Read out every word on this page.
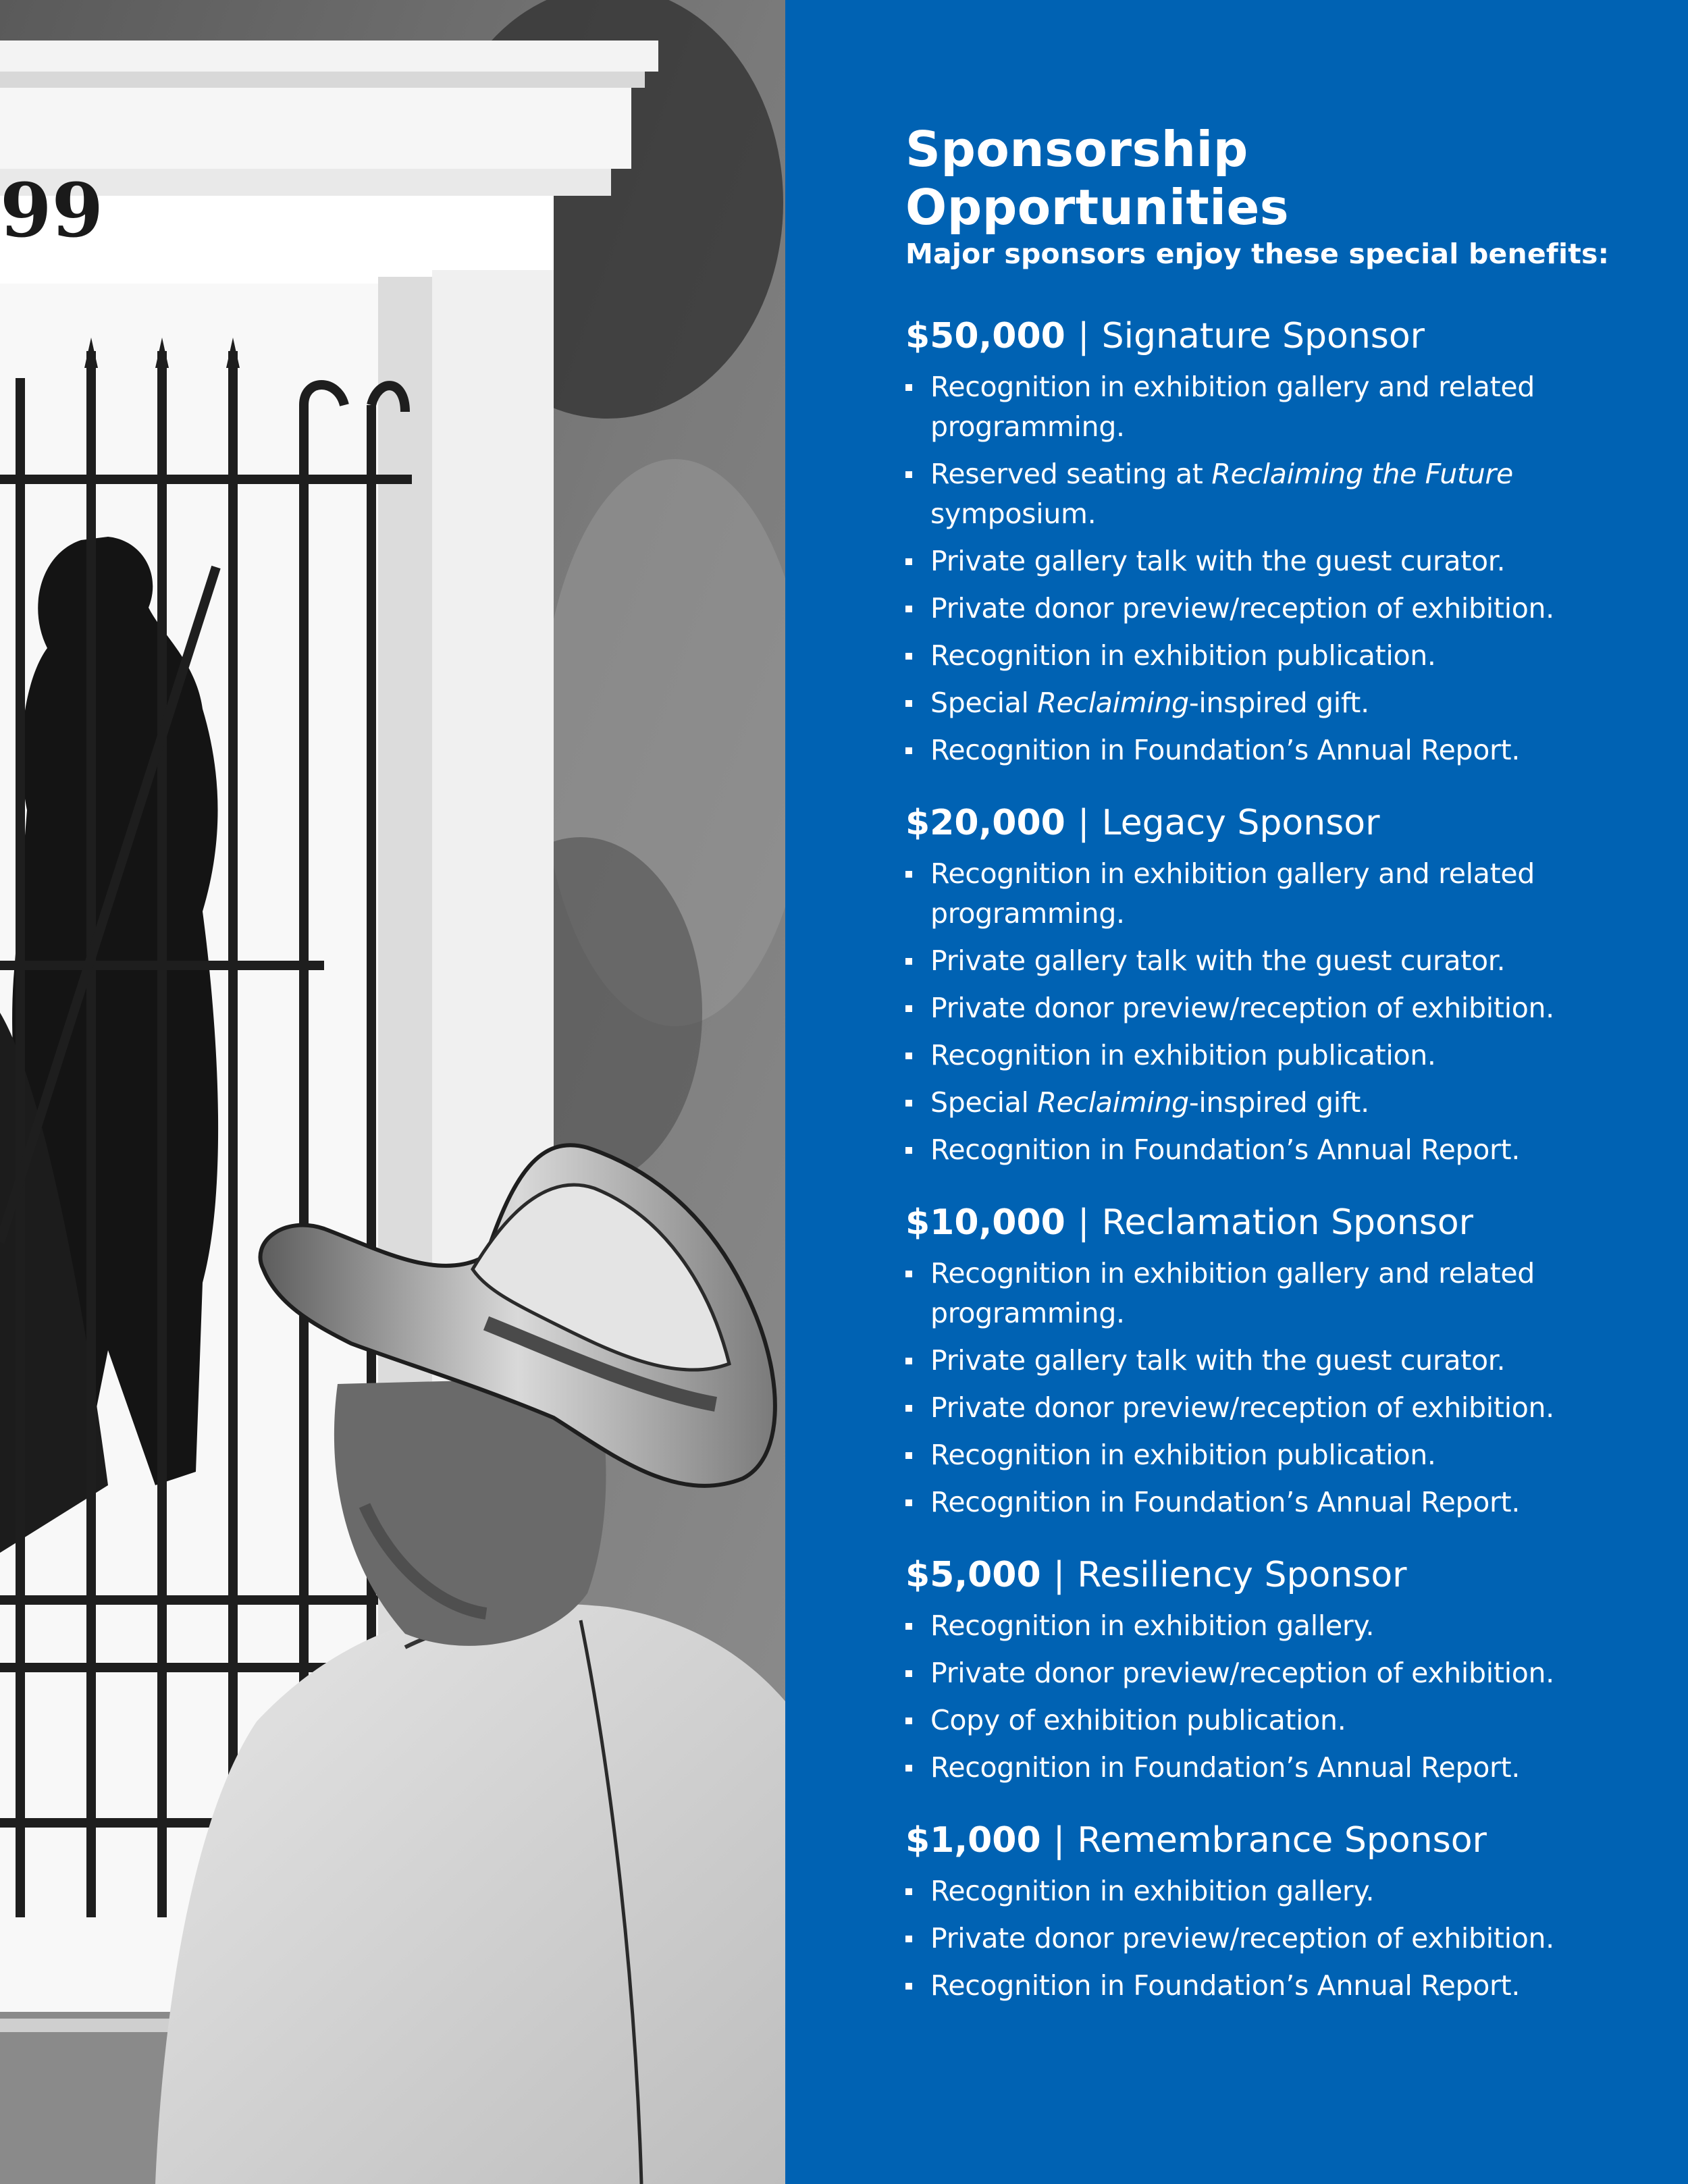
99
Sponsorship Opportunities

Major sponsors enjoy these special benefits:

$50,000 | Signature Sponsor
Recognition in exhibition gallery and related programming.
Reserved seating at Reclaiming the Future symposium.
Private gallery talk with the guest curator.
Private donor preview/reception of exhibition.
Recognition in exhibition publication.
Special Reclaiming-inspired gift.
Recognition in Foundation’s Annual Report.
$20,000 | Legacy Sponsor
Recognition in exhibition gallery and related programming.
Private gallery talk with the guest curator.
Private donor preview/reception of exhibition.
Recognition in exhibition publication.
Special Reclaiming-inspired gift.
Recognition in Foundation’s Annual Report.
$10,000 | Reclamation Sponsor
Recognition in exhibition gallery and related programming.
Private gallery talk with the guest curator.
Private donor preview/reception of exhibition.
Recognition in exhibition publication.
Recognition in Foundation’s Annual Report.
$5,000 | Resiliency Sponsor
Recognition in exhibition gallery.
Private donor preview/reception of exhibition.
Copy of exhibition publication.
Recognition in Foundation’s Annual Report.
$1,000 | Remembrance Sponsor
Recognition in exhibition gallery.
Private donor preview/reception of exhibition.
Recognition in Foundation’s Annual Report.
